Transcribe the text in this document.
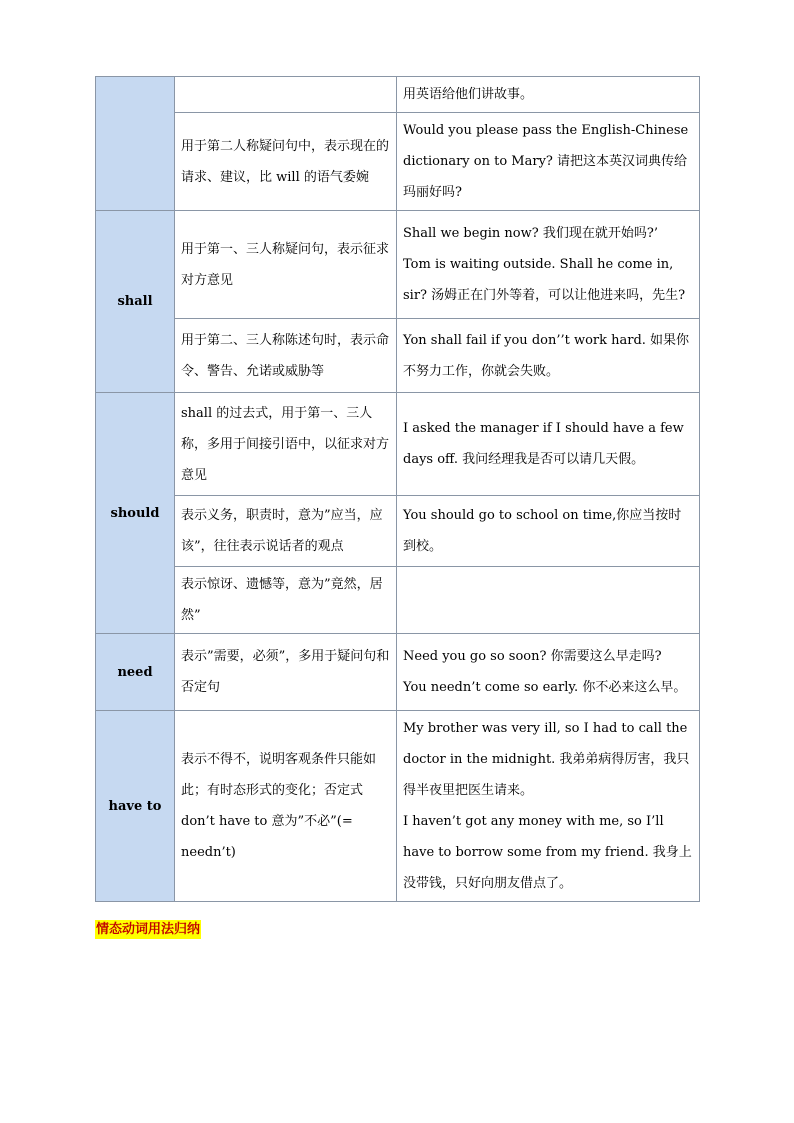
		用英语给他们讲故事。

	用于第二人称疑问句中，表示现在的请求、建议，比 will 的语气委婉	Would you please pass the English-Chinese dictionary on to Mary? 请把这本英汉词典传给玛丽好吗?

shall	用于第一、三人称疑问句，表示征求对方意见	Shall we begin now? 我们现在就开始吗?’
Tom is waiting outside. Shall he come in, sir? 汤姆正在门外等着，可以让他进来吗，先生?

	用于第二、三人称陈述句时，表示命令、警告、允诺或威胁等	Yon shall fail if you don’’t work hard. 如果你不努力工作，你就会失败。

should	shall 的过去式，用于第一、三人称，多用于间接引语中，以征求对方意见	I asked the manager if I should have a few days off. 我问经理我是否可以请几天假。

	表示义务，职责时，意为”应当，应该”，往往表示说话者的观点	You should go to school on time,你应当按时到校。

	表示惊讶、遗憾等，意为”竟然，居然”	
need	表示”需要，必须”，多用于疑问句和否定句	Need you go so soon? 你需要这么早走吗?
You needn’t come so early. 你不必来这么早。

have to	表示不得不，说明客观条件只能如此；有时态形式的变化；否定式 don’t have to 意为”不必”(= needn’t)	My brother was very ill, so I had to call the doctor in the midnight. 我弟弟病得厉害，我只得半夜里把医生请来。
I haven’t got any money with me, so I’ll have to borrow some from my friend. 我身上没带钱，只好向朋友借点了。
情态动词用法归纳
